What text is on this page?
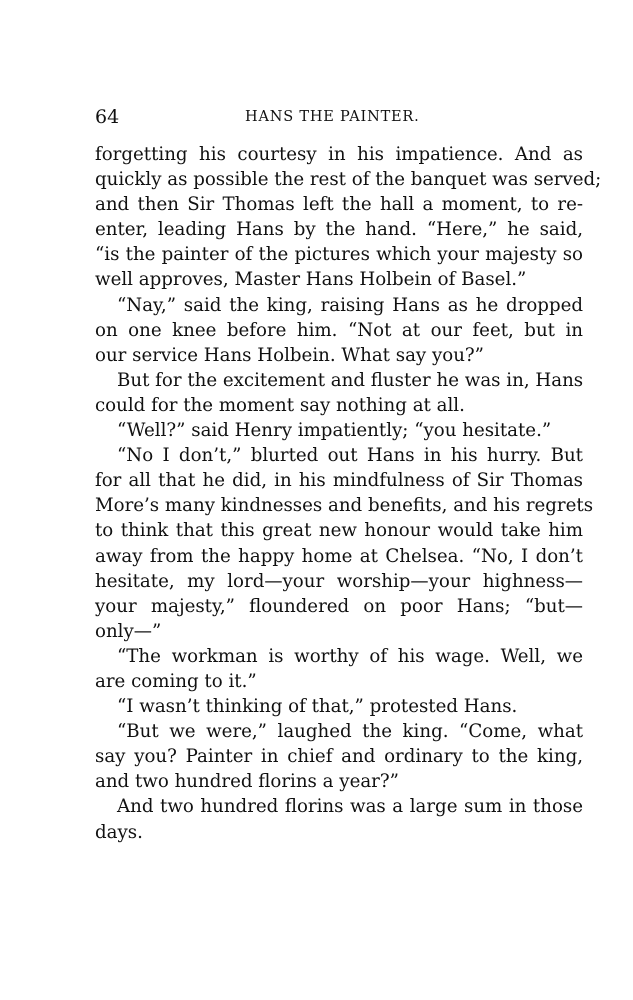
64	HANS THE PAINTER.

forgetting his courtesy in his impatience. And as
quickly as possible the rest of the banquet was served;
and then Sir Thomas left the hall a moment, to re-
enter, leading Hans by the hand. “Here,” he said,
“is the painter of the pictures which your majesty so
well approves, Master Hans Holbein of Basel.”

“Nay,” said the king, raising Hans as he dropped
on one knee before him. “Not at our feet, but in
our service Hans Holbein. What say you?”

But for the excitement and fluster he was in, Hans
could for the moment say nothing at all.

“Well?” said Henry impatiently; “you hesitate.”

“No I don’t,” blurted out Hans in his hurry. But
for all that he did, in his mindfulness of Sir Thomas
More’s many kindnesses and benefits, and his regrets
to think that this great new honour would take him
away from the happy home at Chelsea. “No, I don’t
hesitate, my lord—your worship—your highness—
your majesty,” floundered on poor Hans; “but—
only—”

“The workman is worthy of his wage. Well, we
are coming to it.”

“I wasn’t thinking of that,” protested Hans.

“But we were,” laughed the king. “Come, what
say you? Painter in chief and ordinary to the king,
and two hundred florins a year?”

And two hundred florins was a large sum in those
days.
